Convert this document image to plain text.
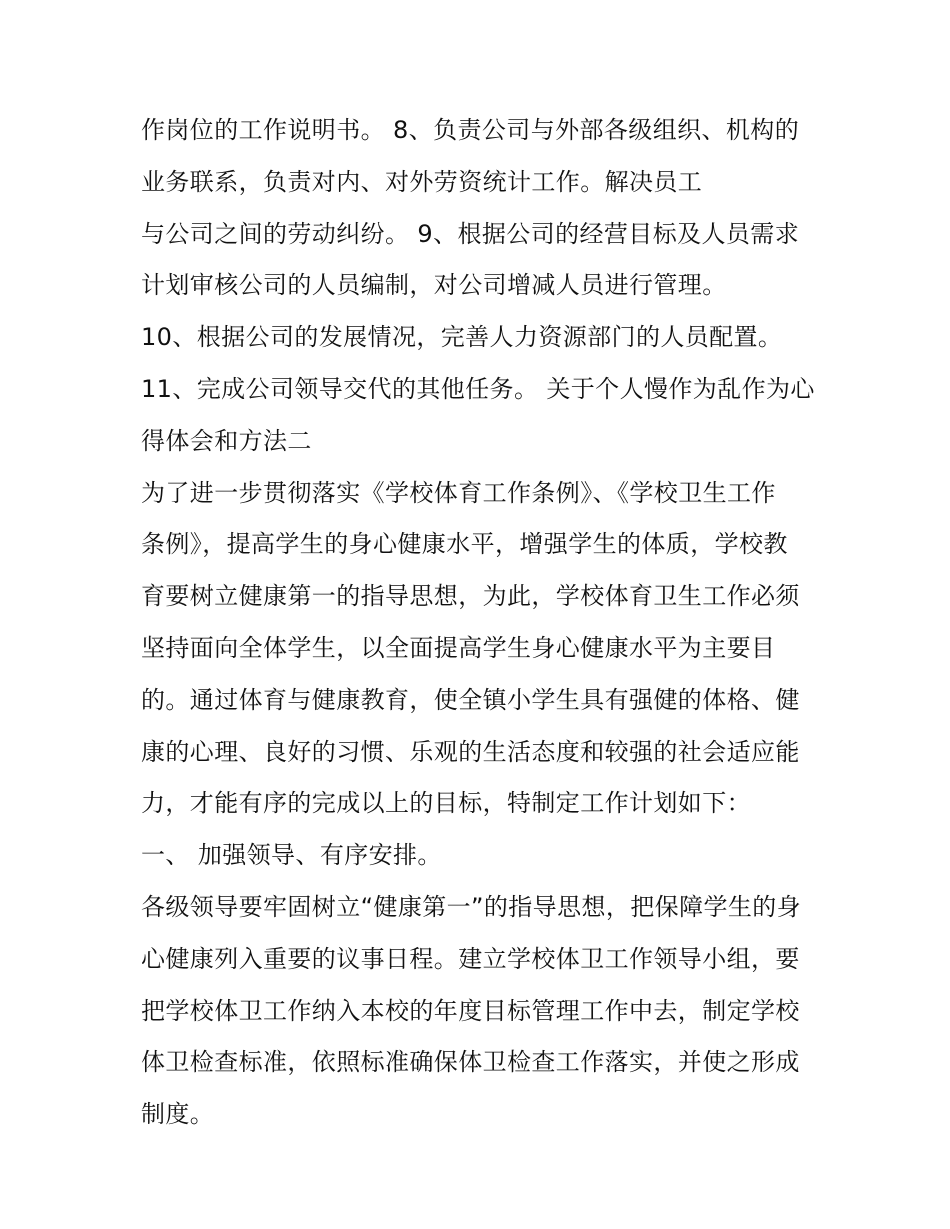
作岗位的工作说明书。 8、负责公司与外部各级组织、机构的
业务联系，负责对内、对外劳资统计工作。解决员工
与公司之间的劳动纠纷。 9、根据公司的经营目标及人员需求
计划审核公司的人员编制，对公司增减人员进行管理。
10、根据公司的发展情况，完善人力资源部门的人员配置。
11、完成公司领导交代的其他任务。 关于个人慢作为乱作为心
得体会和方法二
为了进一步贯彻落实《学校体育工作条例》、《学校卫生工作
条例》，提高学生的身心健康水平，增强学生的体质，学校教
育要树立健康第一的指导思想，为此，学校体育卫生工作必须
坚持面向全体学生，以全面提高学生身心健康水平为主要目
的。通过体育与健康教育，使全镇小学生具有强健的体格、健
康的心理、良好的习惯、乐观的生活态度和较强的社会适应能
力，才能有序的完成以上的目标，特制定工作计划如下：
一、 加强领导、有序安排。
各级领导要牢固树立“健康第一”的指导思想，把保障学生的身
心健康列入重要的议事日程。建立学校体卫工作领导小组，要
把学校体卫工作纳入本校的年度目标管理工作中去，制定学校
体卫检查标准，依照标准确保体卫检查工作落实，并使之形成
制度。
